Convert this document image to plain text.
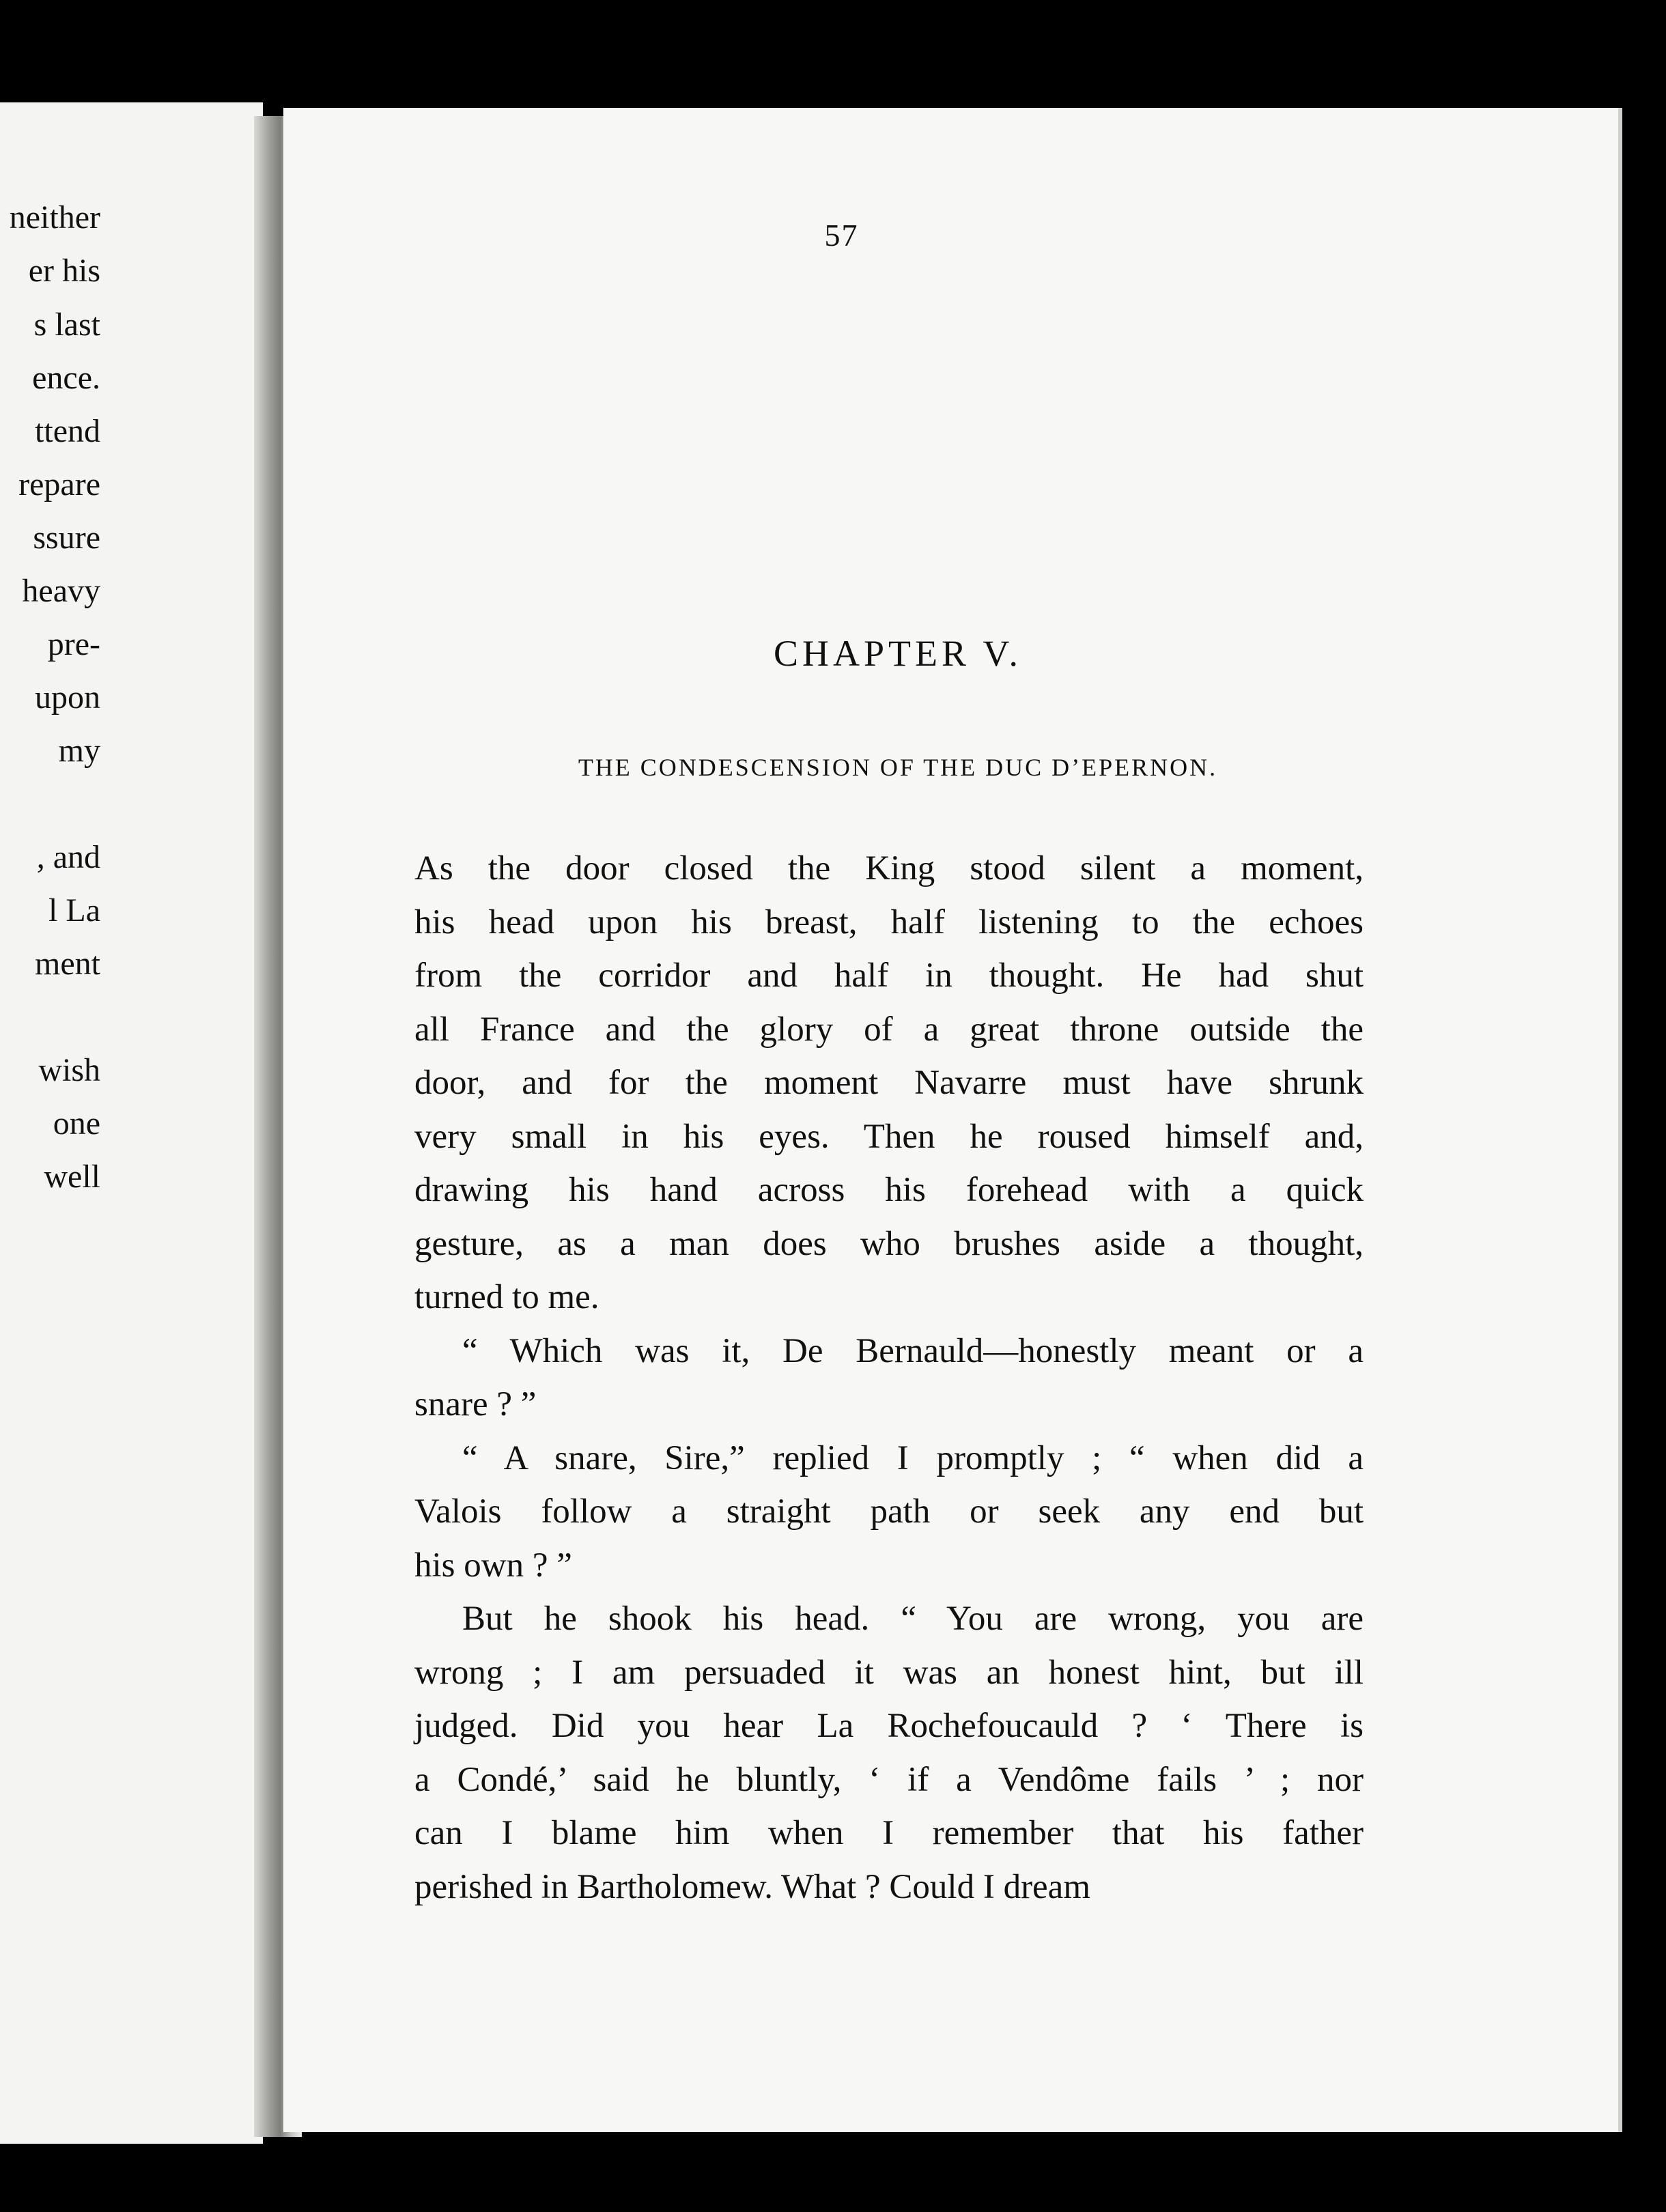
neither
er his
s last
ence.
ttend
repare
ssure
heavy
pre-
upon
my
, and
l La
ment
wish
one
well
57
CHAPTER V.
THE CONDESCENSION OF THE DUC D’EPERNON.

As the door closed the King stood silent a moment,
his head upon his breast, half listening to the echoes
from the corridor and half in thought. He had shut
all France and the glory of a great throne outside the
door, and for the moment Navarre must have shrunk
very small in his eyes. Then he roused himself and,
drawing his hand across his forehead with a quick
gesture, as a man does who brushes aside a thought,
turned to me.

“ Which was it, De Bernauld—honestly meant or a
snare ? ”

“ A snare, Sire,” replied I promptly ; “ when did a
Valois follow a straight path or seek any end but
his own ? ”

But he shook his head. “ You are wrong, you are
wrong ; I am persuaded it was an honest hint, but ill
judged. Did you hear La Rochefoucauld ? ‘ There is
a Condé,’ said he bluntly, ‘ if a Vendôme fails ’ ; nor
can I blame him when I remember that his father
perished in Bartholomew. What ? Could I dream
